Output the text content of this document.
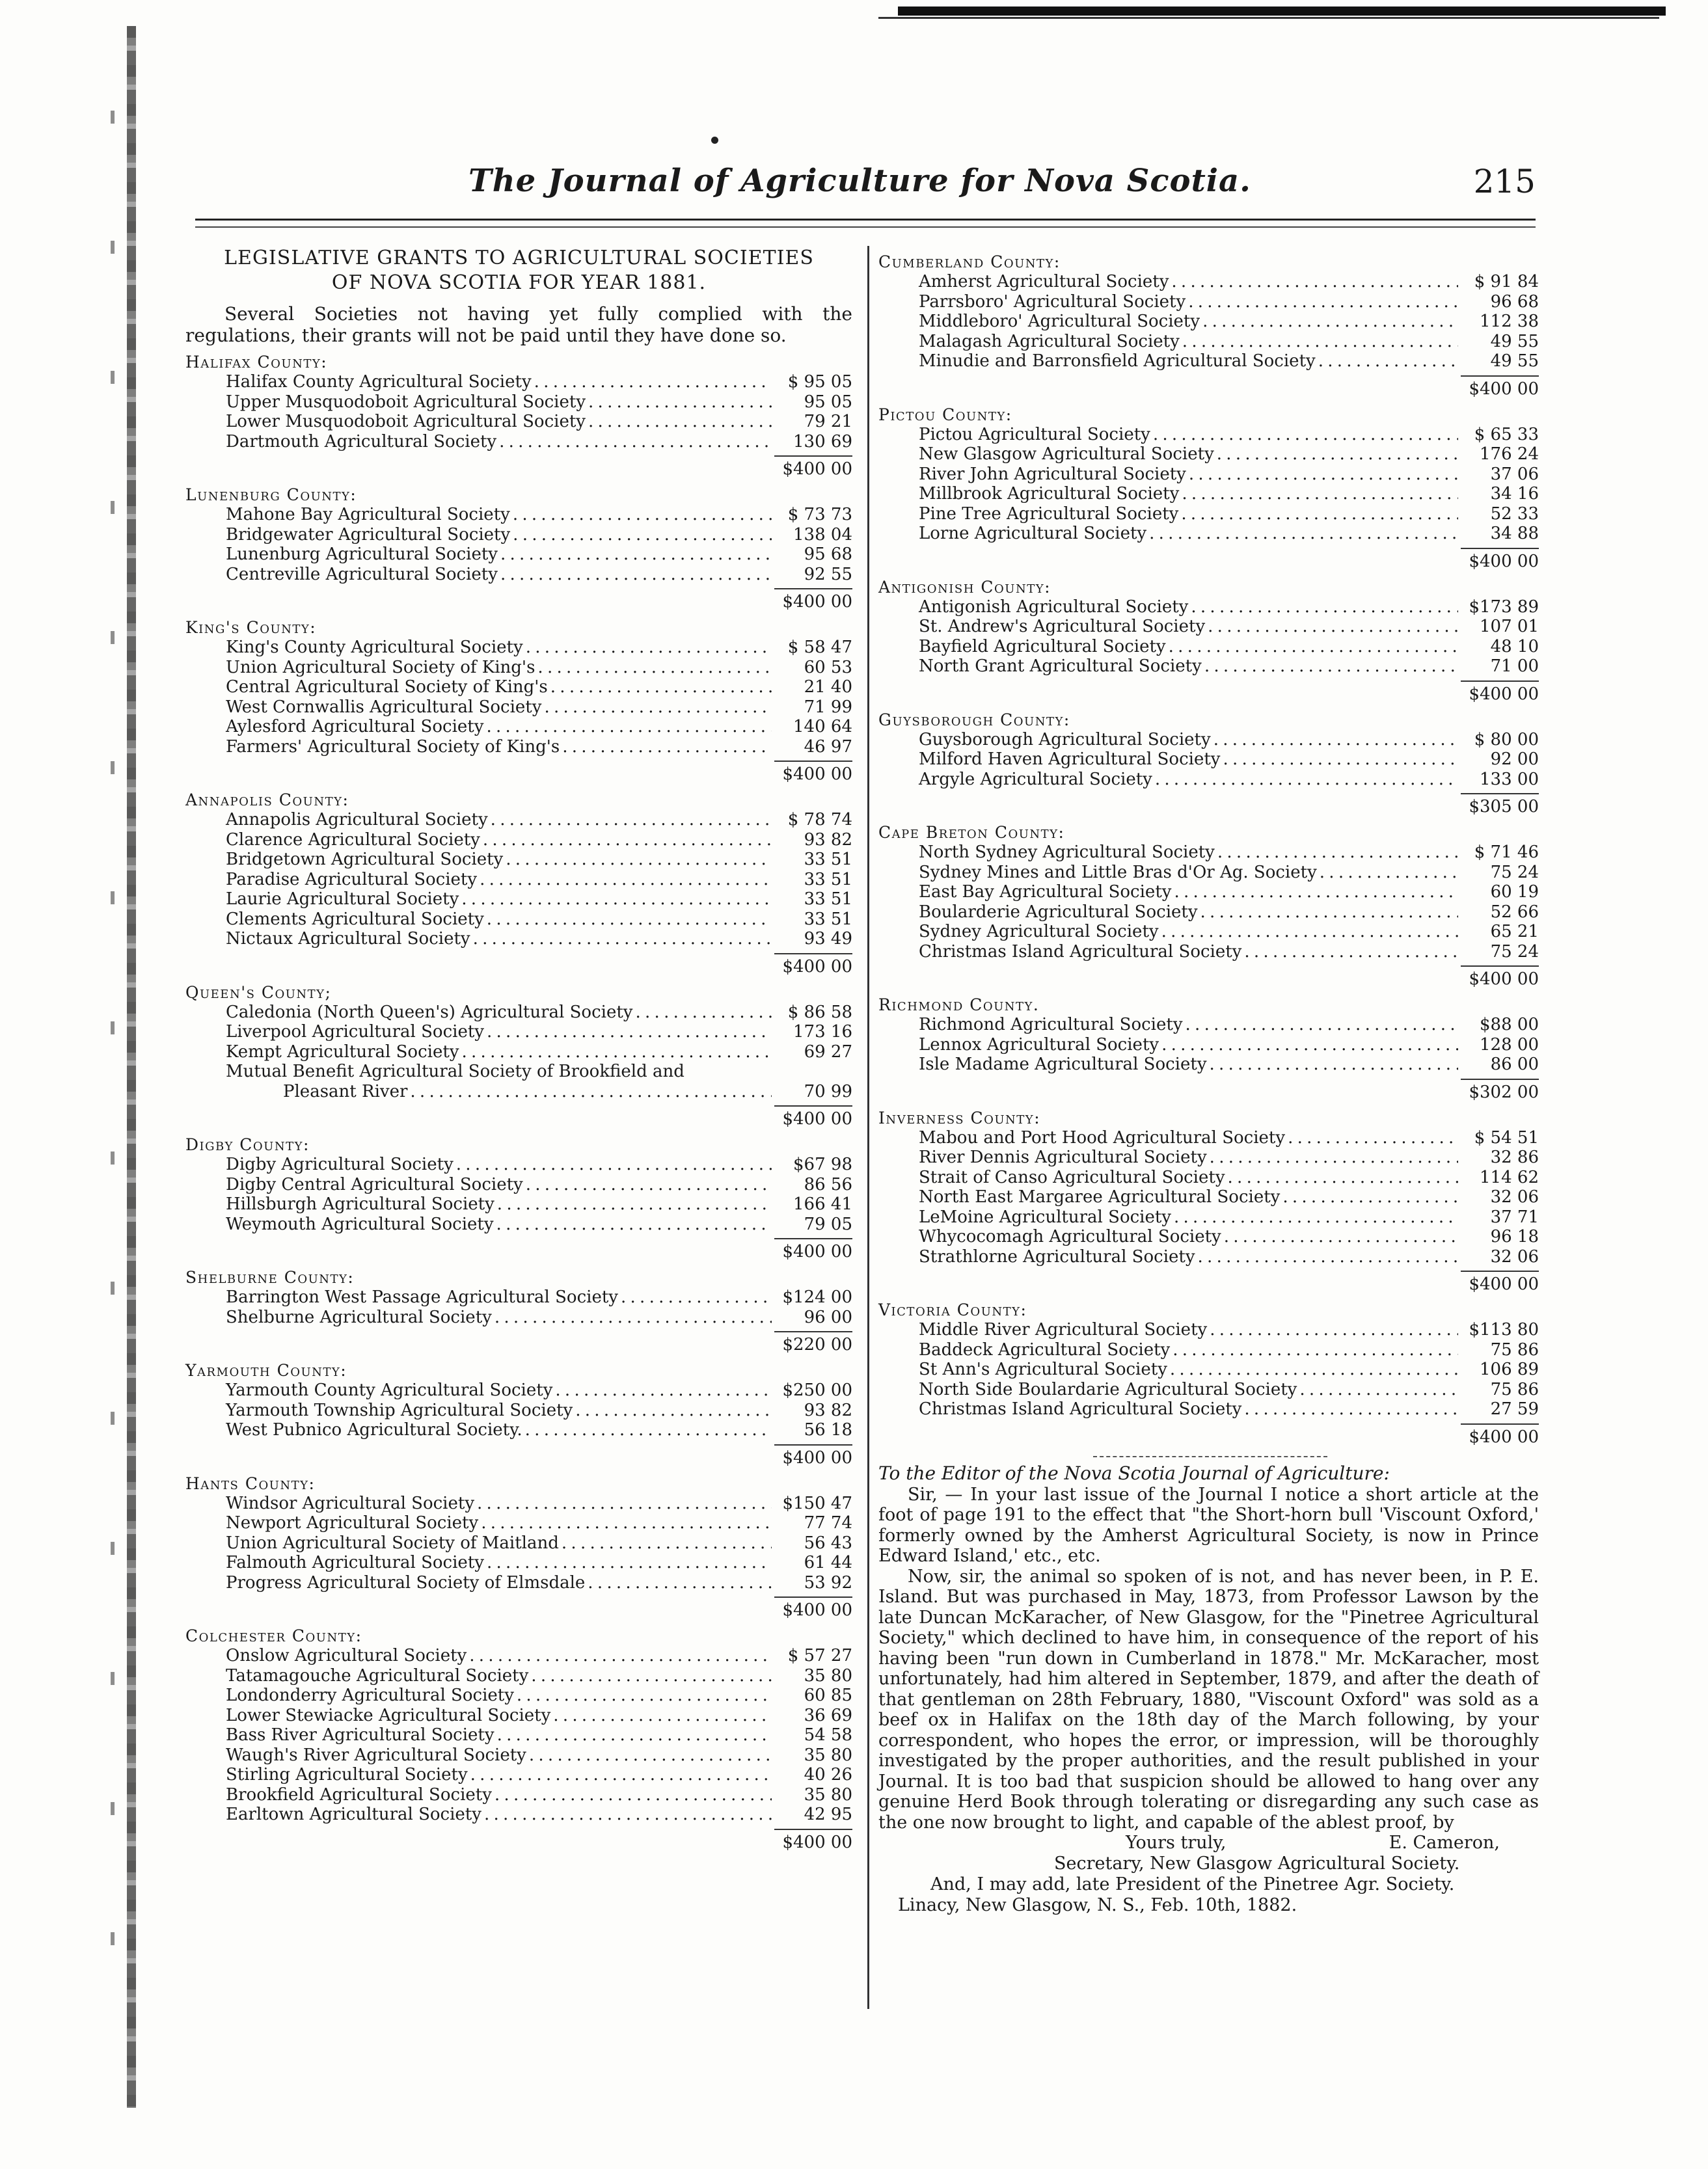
The Journal of Agriculture for Nova Scotia.	215
LEGISLATIVE GRANTS TO AGRICULTURAL SOCIETIES
OF NOVA SCOTIA FOR YEAR 1881.
Several Societies not having yet fully complied with the regulations, their grants will not be paid until they have done so.
Halifax County:
Halifax County Agricultural Society . . .	$ 95 05
Upper Musquodoboit Agricultural Society . . .	95 05
Lower Musquodoboit Agricultural Society . . .	79 21
Dartmouth Agricultural Society . . .	130 69
$400 00
Lunenburg County:
Mahone Bay Agricultural Society . . .	$ 73 73
Bridgewater Agricultural Society . . .	138 04
Lunenburg Agricultural Society . . .	95 68
Centreville Agricultural Society . . .	92 55
$400 00
King's County:
King's County Agricultural Society . . .	$ 58 47
Union Agricultural Society of King's . . .	60 53
Central Agricultural Society of King's . . .	21 40
West Cornwallis Agricultural Society . . .	71 99
Aylesford Agricultural Society . . .	140 64
Farmers' Agricultural Society of King's . . .	46 97
$400 00
Annapolis County:
Annapolis Agricultural Society . . .	$ 78 74
Clarence Agricultural Society . . .	93 82
Bridgetown Agricultural Society . . .	33 51
Paradise Agricultural Society . . .	33 51
Laurie Agricultural Society . . .	33 51
Clements Agricultural Society . . .	33 51
Nictaux Agricultural Society . . .	93 49
$400 00
Queen's County;
Caledonia (North Queen's) Agricultural Society . . .	$ 86 58
Liverpool Agricultural Society . . .	173 16
Kempt Agricultural Society . . .	69 27
Mutual Benefit Agricultural Society of Brookfield and
Pleasant River . . .	70 99
$400 00
Digby County:
Digby Agricultural Society . . .	$67 98
Digby Central Agricultural Society . . .	86 56
Hillsburgh Agricultural Society . . .	166 41
Weymouth Agricultural Society . . .	79 05
$400 00
Shelburne County:
Barrington West Passage Agricultural Society . . .	$124 00
Shelburne Agricultural Society . . .	96 00
$220 00
Yarmouth County:
Yarmouth County Agricultural Society . . .	$250 00
Yarmouth Township Agricultural Society . . .	93 82
West Pubnico Agricultural Society. . . .	56 18
$400 00
Hants County:
Windsor Agricultural Society . . .	$150 47
Newport Agricultural Society . . .	77 74
Union Agricultural Society of Maitland . . .	56 43
Falmouth Agricultural Society . . .	61 44
Progress Agricultural Society of Elmsdale . . .	53 92
$400 00
Colchester County:
Onslow Agricultural Society . . .	$ 57 27
Tatamagouche Agricultural Society . . .	35 80
Londonderry Agricultural Society . . .	60 85
Lower Stewiacke Agricultural Society . . .	36 69
Bass River Agricultural Society . . .	54 58
Waugh's River Agricultural Society . . .	35 80
Stirling Agricultural Society . . .	40 26
Brookfield Agricultural Society . . .	35 80
Earltown Agricultural Society . . .	42 95
$400 00
Cumberland County:
Amherst Agricultural Society . . .	$ 91 84
Parrsboro' Agricultural Society . . .	96 68
Middleboro' Agricultural Society . . .	112 38
Malagash Agricultural Society . . .	49 55
Minudie and Barronsfield Agricultural Society . . .	49 55
$400 00
Pictou County:
Pictou Agricultural Society . . .	$ 65 33
New Glasgow Agricultural Society . . .	176 24
River John Agricultural Society . . .	37 06
Millbrook Agricultural Society . . .	34 16
Pine Tree Agricultural Society . . .	52 33
Lorne Agricultural Society . . .	34 88
$400 00
Antigonish County:
Antigonish Agricultural Society . . .	$173 89
St. Andrew's Agricultural Society . . .	107 01
Bayfield Agricultural Society . . .	48 10
North Grant Agricultural Society . . .	71 00
$400 00
Guysborough County:
Guysborough Agricultural Society . . .	$ 80 00
Milford Haven Agricultural Society . . .	92 00
Argyle Agricultural Society . . .	133 00
$305 00
Cape Breton County:
North Sydney Agricultural Society . . .	$ 71 46
Sydney Mines and Little Bras d'Or Ag. Society . . .	75 24
East Bay Agricultural Society . . .	60 19
Boularderie Agricultural Society . . .	52 66
Sydney Agricultural Society . . .	65 21
Christmas Island Agricultural Society . . .	75 24
$400 00
Richmond County.
Richmond Agricultural Society . . .	$88 00
Lennox Agricultural Society . . .	128 00
Isle Madame Agricultural Society . . .	86 00
$302 00
Inverness County:
Mabou and Port Hood Agricultural Society . . .	$ 54 51
River Dennis Agricultural Society . . .	32 86
Strait of Canso Agricultural Society . . .	114 62
North East Margaree Agricultural Society . . .	32 06
LeMoine Agricultural Society . . .	37 71
Whycocomagh Agricultural Society . . .	96 18
Strathlorne Agricultural Society . . .	32 06
$400 00
Victoria County:
Middle River Agricultural Society . . .	$113 80
Baddeck Agricultural Society . . .	75 86
St Ann's Agricultural Society . . .	106 89
North Side Boulardarie Agricultural Society . . .	75 86
Christmas Island Agricultural Society . . .	27 59
$400 00
To the Editor of the Nova Scotia Journal of Agriculture:

Sir, — In your last issue of the Journal I notice a short article at the foot of page 191 to the effect that "the Short-horn bull 'Viscount Oxford,' formerly owned by the Amherst Agricultural Society, is now in Prince Edward Island,' etc., etc.

Now, sir, the animal so spoken of is not, and has never been, in P. E. Island. But was purchased in May, 1873, from Professor Lawson by the late Duncan McKaracher, of New Glasgow, for the "Pinetree Agricultural Society," which declined to have him, in consequence of the report of his having been "run down in Cumberland in 1878." Mr. McKaracher, most unfortunately, had him altered in September, 1879, and after the death of that gentleman on 28th February, 1880, "Viscount Oxford" was sold as a beef ox in Halifax on the 18th day of the March following, by your correspondent, who hopes the error, or impression, will be thoroughly investigated by the proper authorities, and the result published in your Journal. It is too bad that suspicion should be allowed to hang over any genuine Herd Book through tolerating or disregarding any such case as the one now brought to light, and capable of the ablest proof, by

Yours truly,	E. Cameron,
Secretary, New Glasgow Agricultural Society.
And, I may add, late President of the Pinetree Agr. Society.
Linacy, New Glasgow, N. S., Feb. 10th, 1882.
